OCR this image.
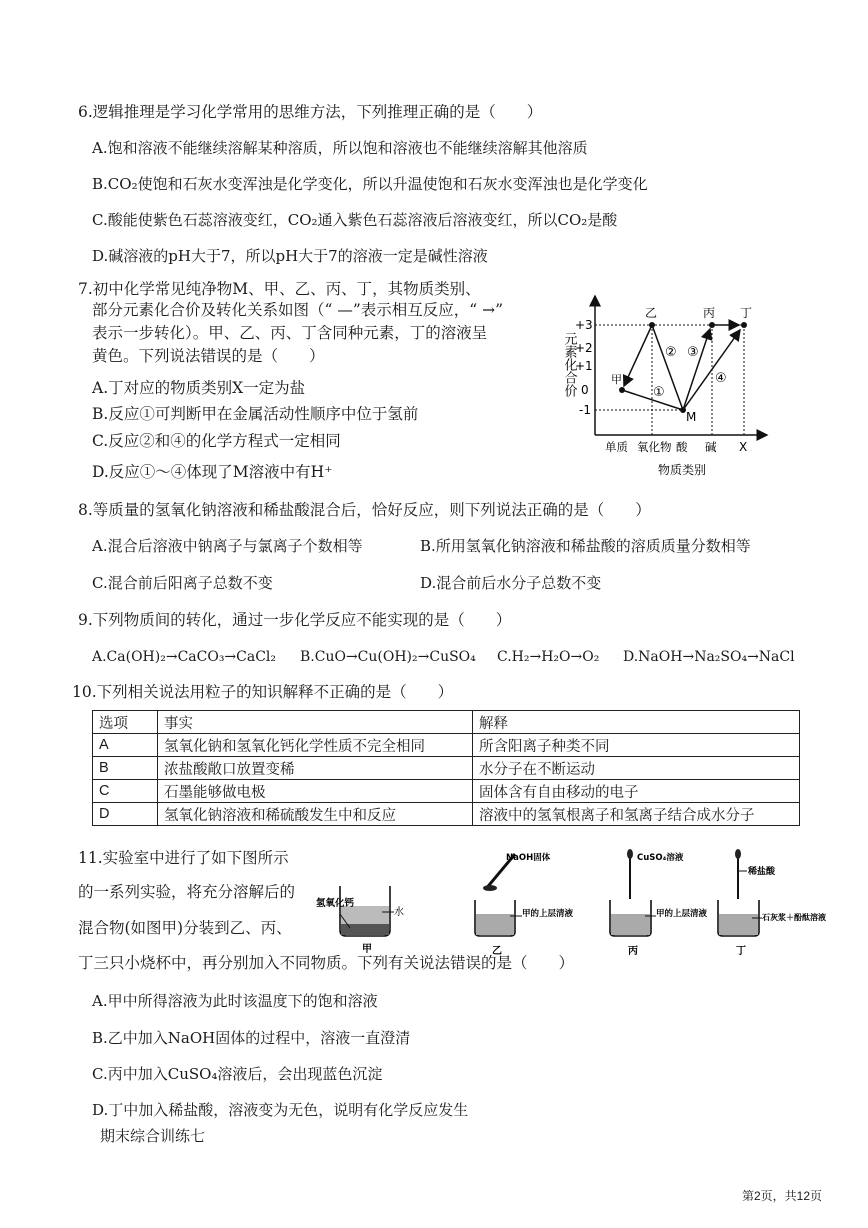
6.逻辑推理是学习化学常用的思维方法，下列推理正确的是（　　）
A.饱和溶液不能继续溶解某种溶质，所以饱和溶液也不能继续溶解其他溶质
B.CO₂使饱和石灰水变浑浊是化学变化，所以升温使饱和石灰水变浑浊也是化学变化
C.酸能使紫色石蕊溶液变红，CO₂通入紫色石蕊溶液后溶液变红，所以CO₂是酸
D.碱溶液的pH大于7，所以pH大于7的溶液一定是碱性溶液
7.初中化学常见纯净物M、甲、乙、丙、丁，其物质类别、
部分元素化合价及转化关系如图（“ —”表示相互反应，“ →”
表示一步转化）。甲、乙、丙、丁含同种元素，丁的溶液呈
黄色。下列说法错误的是（　　）
A.丁对应的物质类别X一定为盐
B.反应①可判断甲在金属活动性顺序中位于氢前
C.反应②和④的化学方程式一定相同
D.反应①～④体现了M溶液中有H⁺
元素化合价
+3
+2
+1
0
-1
甲
乙	丙 丁
M
①
② ③
④
单质 氧化物 酸 碱 X
物质类别
8.等质量的氢氧化钠溶液和稀盐酸混合后，恰好反应，则下列说法正确的是（　　）
A.混合后溶液中钠离子与氯离子个数相等	B.所用氢氧化钠溶液和稀盐酸的溶质质量分数相等
C.混合前后阳离子总数不变	D.混合前后水分子总数不变
9.下列物质间的转化，通过一步化学反应不能实现的是（　　）
A.Ca(OH)₂→CaCO₃→CaCl₂ B.CuO→Cu(OH)₂→CuSO₄ C.H₂→H₂O→O₂ D.NaOH→Na₂SO₄→NaCl
10.下列相关说法用粒子的知识解释不正确的是（　　）
选项	事实	解释
A	氢氧化钠和氢氧化钙化学性质不完全相同	所含阳离子种类不同
B	浓盐酸敞口放置变稀	水分子在不断运动
C	石墨能够做电极	固体含有自由移动的电子
D	氢氧化钠溶液和稀硫酸发生中和反应	溶液中的氢氧根离子和氢离子结合成水分子
11.实验室中进行了如下图所示
的一系列实验，将充分溶解后的
混合物(如图甲)分装到乙、丙、
丁三只小烧杯中，再分别加入不同物质。下列有关说法错误的是（　　）
A.甲中所得溶液为此时该温度下的饱和溶液
B.乙中加入NaOH固体的过程中，溶液一直澄清
C.丙中加入CuSO₄溶液后，会出现蓝色沉淀
D.丁中加入稀盐酸，溶液变为无色，说明有化学反应发生
氢氧化钙
水
甲
NaOH固体
甲的上层清液
乙
CuSO₄溶液
甲的上层清液
丙
稀盐酸
石灰浆＋酚酞溶液
丁
期末综合训练七
第2页，共12页
